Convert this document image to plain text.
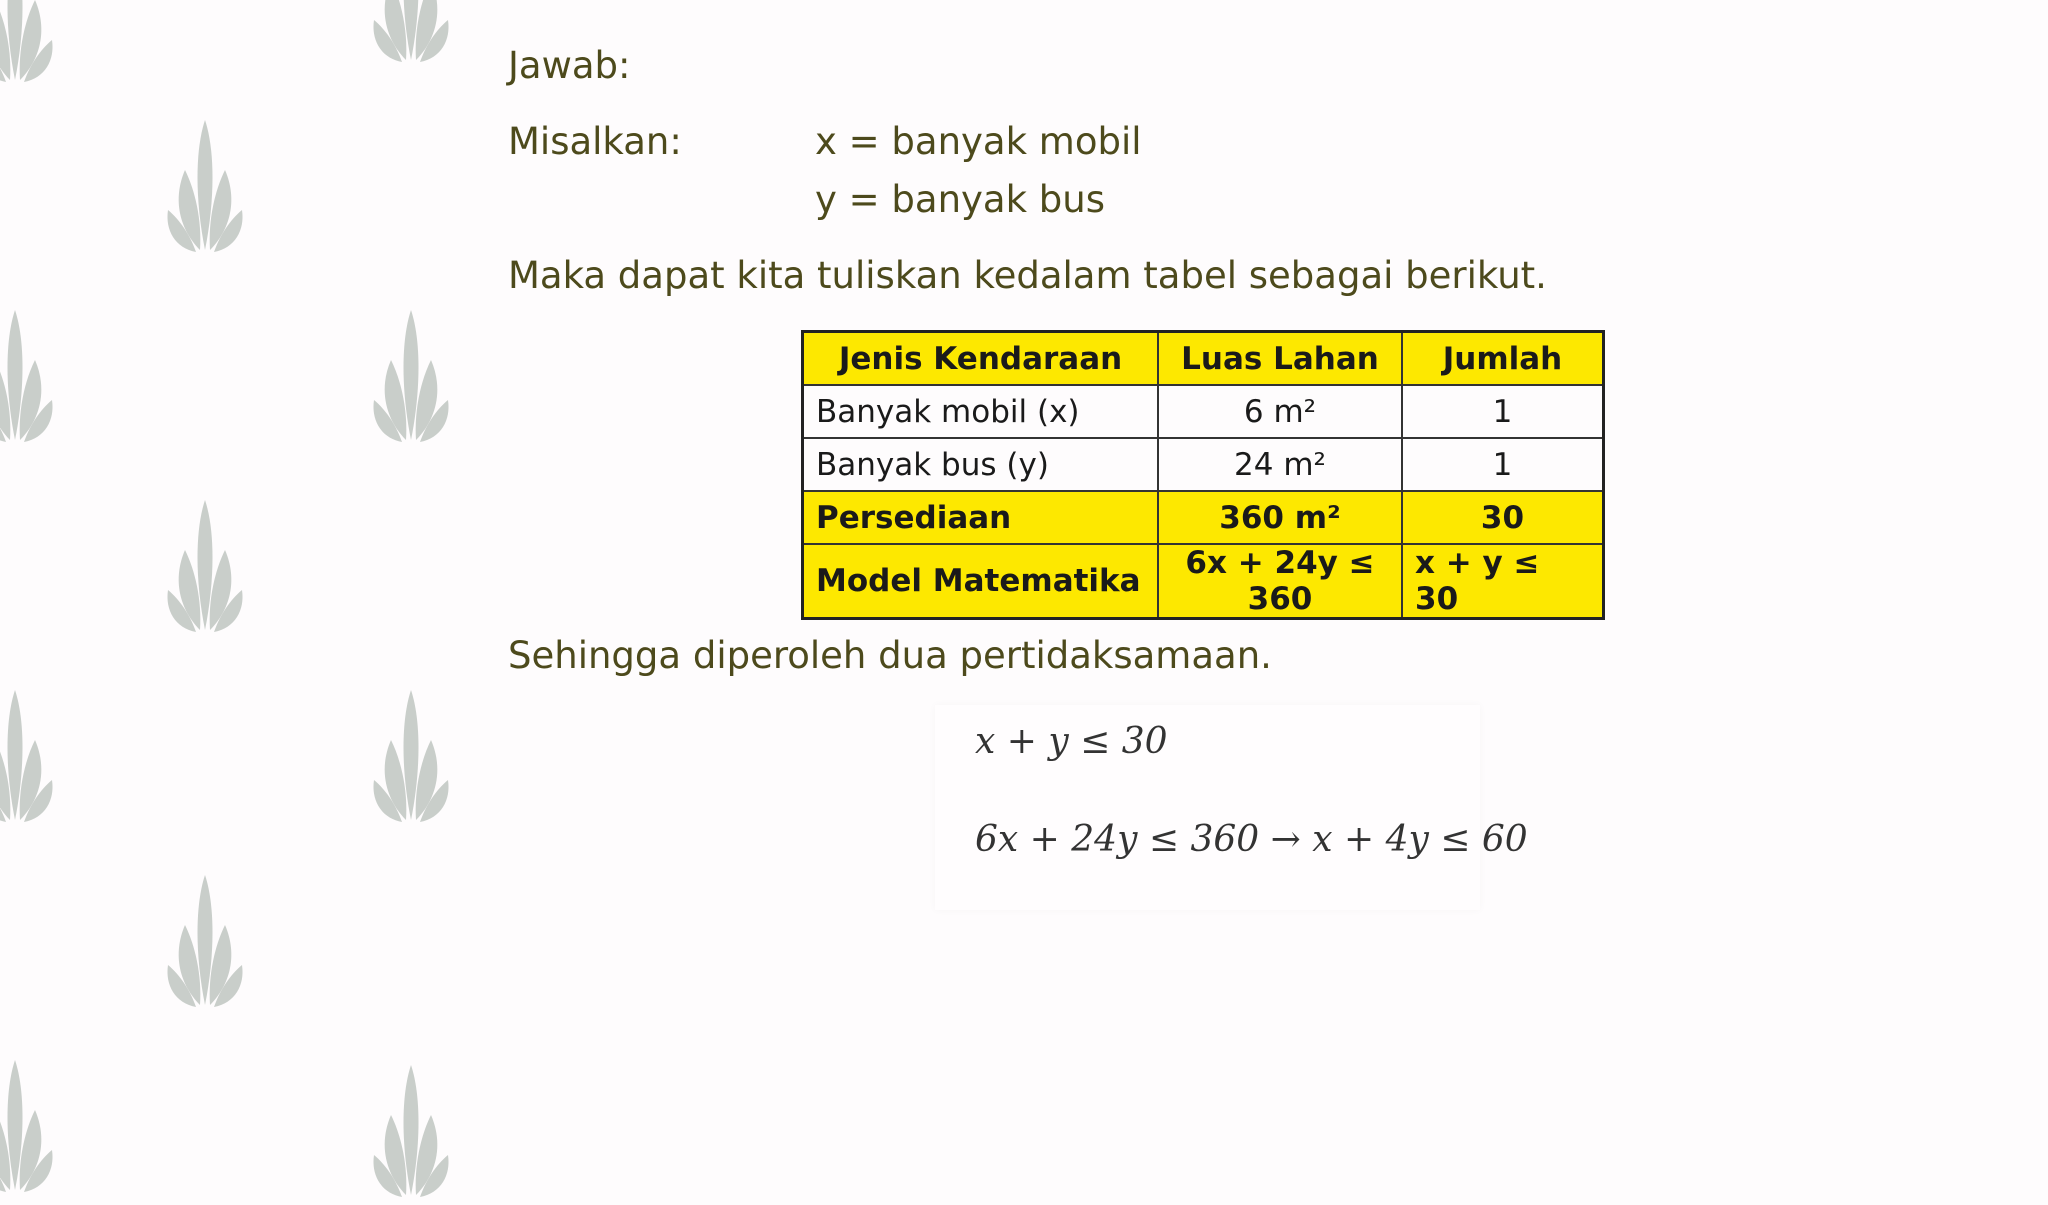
Jawab:
Misalkan:	x = banyak mobil
y = banyak bus
Maka dapat kita tuliskan kedalam tabel sebagai berikut.
Jenis Kendaraan	Luas Lahan	Jumlah
Banyak mobil (x)	6 m²	1
Banyak bus (y)	24 m²	1
Persediaan	360 m²	30
Model Matematika	6x + 24y ≤ 360	x + y ≤ 30
Sehingga diperoleh dua pertidaksamaan.
x + y ≤ 30
6x + 24y ≤ 360 → x + 4y ≤ 60
